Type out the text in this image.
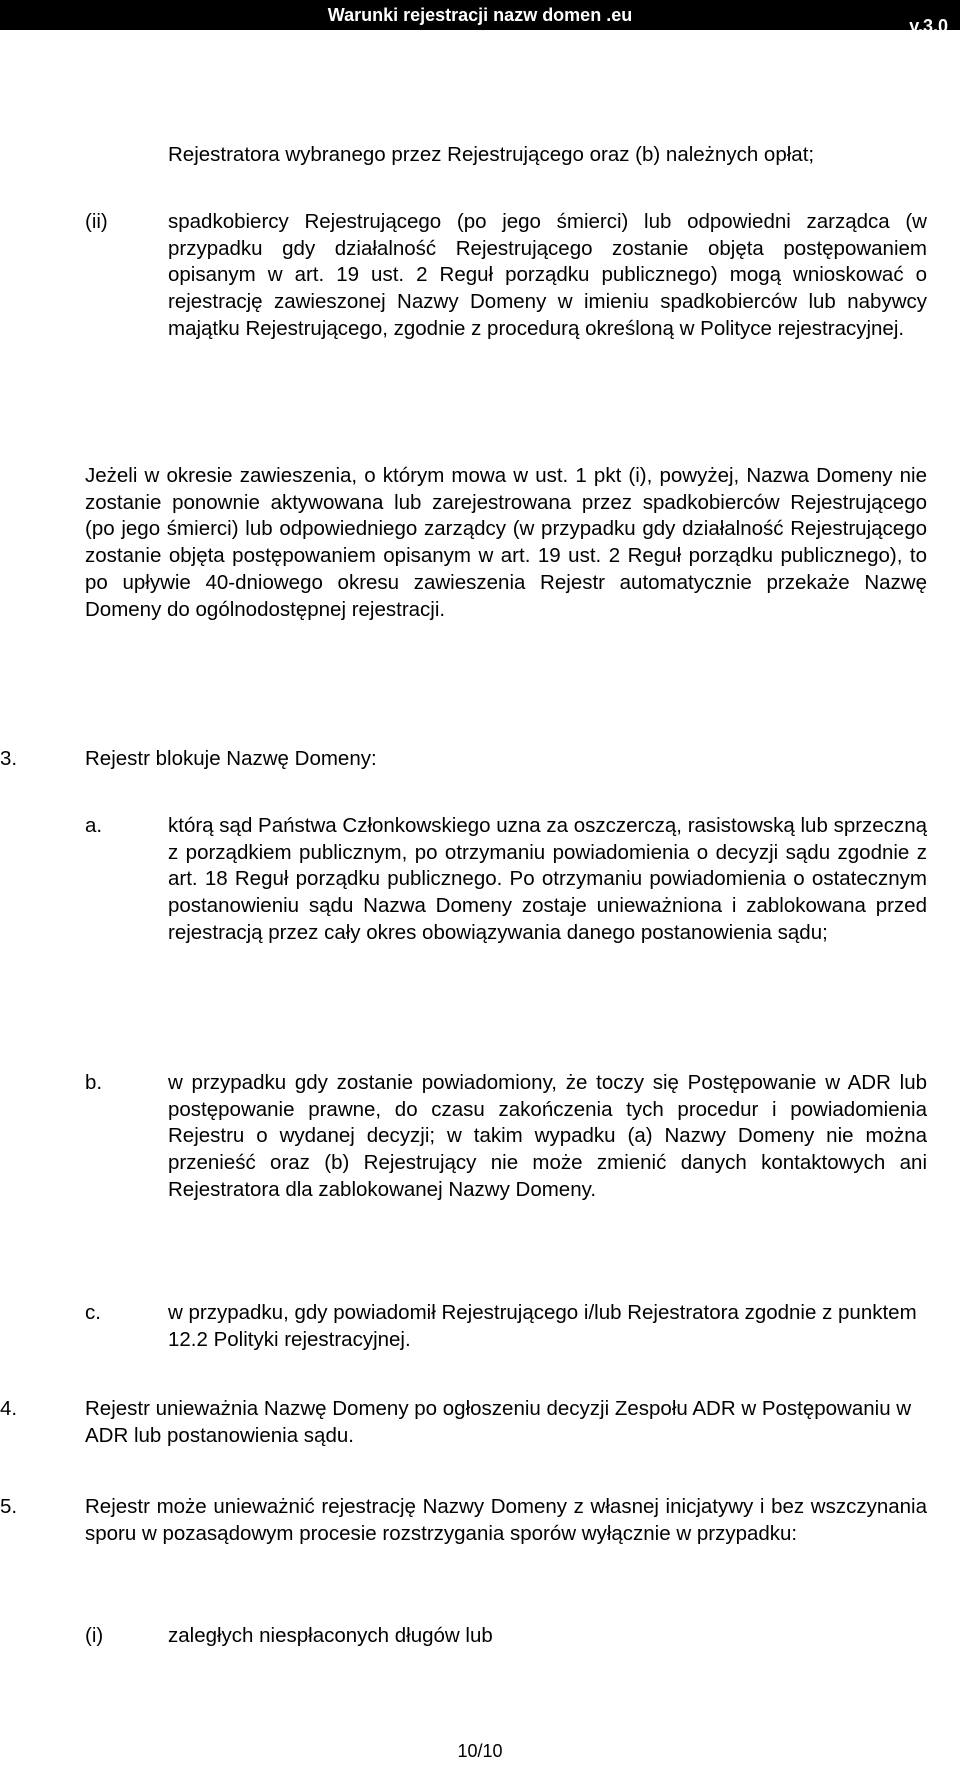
Warunki rejestracji nazw domen .eu
v.3.0
Rejestratora wybranego przez Rejestrującego oraz (b) należnych opłat;
(ii)	spadkobiercy Rejestrującego (po jego śmierci) lub odpowiedni zarządca (w przypadku gdy działalność Rejestrującego zostanie objęta postępowaniem opisanym w art. 19 ust. 2 Reguł porządku publicznego) mogą wnioskować o rejestrację zawieszonej Nazwy Domeny w imieniu spadkobierców lub nabywcy majątku Rejestrującego, zgodnie z procedurą określoną w Polityce rejestracyjnej.
Jeżeli w okresie zawieszenia, o którym mowa w ust. 1 pkt (i), powyżej, Nazwa Domeny nie zostanie ponownie aktywowana lub zarejestrowana przez spadkobierców Rejestrującego (po jego śmierci) lub odpowiedniego zarządcy (w przypadku gdy działalność Rejestrującego zostanie objęta postępowaniem opisanym w art. 19 ust. 2 Reguł porządku publicznego), to po upływie 40-dniowego okresu zawieszenia Rejestr automatycznie przekaże Nazwę Domeny do ogólnodostępnej rejestracji.
3.	Rejestr blokuje Nazwę Domeny:
a.	którą sąd Państwa Członkowskiego uzna za oszczerczą, rasistowską lub sprzeczną z porządkiem publicznym, po otrzymaniu powiadomienia o decyzji sądu zgodnie z art. 18 Reguł porządku publicznego. Po otrzymaniu powiadomienia o ostatecznym postanowieniu sądu Nazwa Domeny zostaje unieważniona i zablokowana przed rejestracją przez cały okres obowiązywania danego postanowienia sądu;
b.	w przypadku gdy zostanie powiadomiony, że toczy się Postępowanie w ADR lub postępowanie prawne, do czasu zakończenia tych procedur i powiadomienia Rejestru o wydanej decyzji; w takim wypadku (a) Nazwy Domeny nie można przenieść oraz (b) Rejestrujący nie może zmienić danych kontaktowych ani Rejestratora dla zablokowanej Nazwy Domeny.
c.	w przypadku, gdy powiadomił Rejestrującego i/lub Rejestratora zgodnie z punktem 12.2 Polityki rejestracyjnej.
4.	Rejestr unieważnia Nazwę Domeny po ogłoszeniu decyzji Zespołu ADR w Postępowaniu w ADR lub postanowienia sądu.
5.	Rejestr może unieważnić rejestrację Nazwy Domeny z własnej inicjatywy i bez wszczynania sporu w pozasądowym procesie rozstrzygania sporów wyłącznie w przypadku:
(i)	zaległych niespłaconych długów lub
10/10
